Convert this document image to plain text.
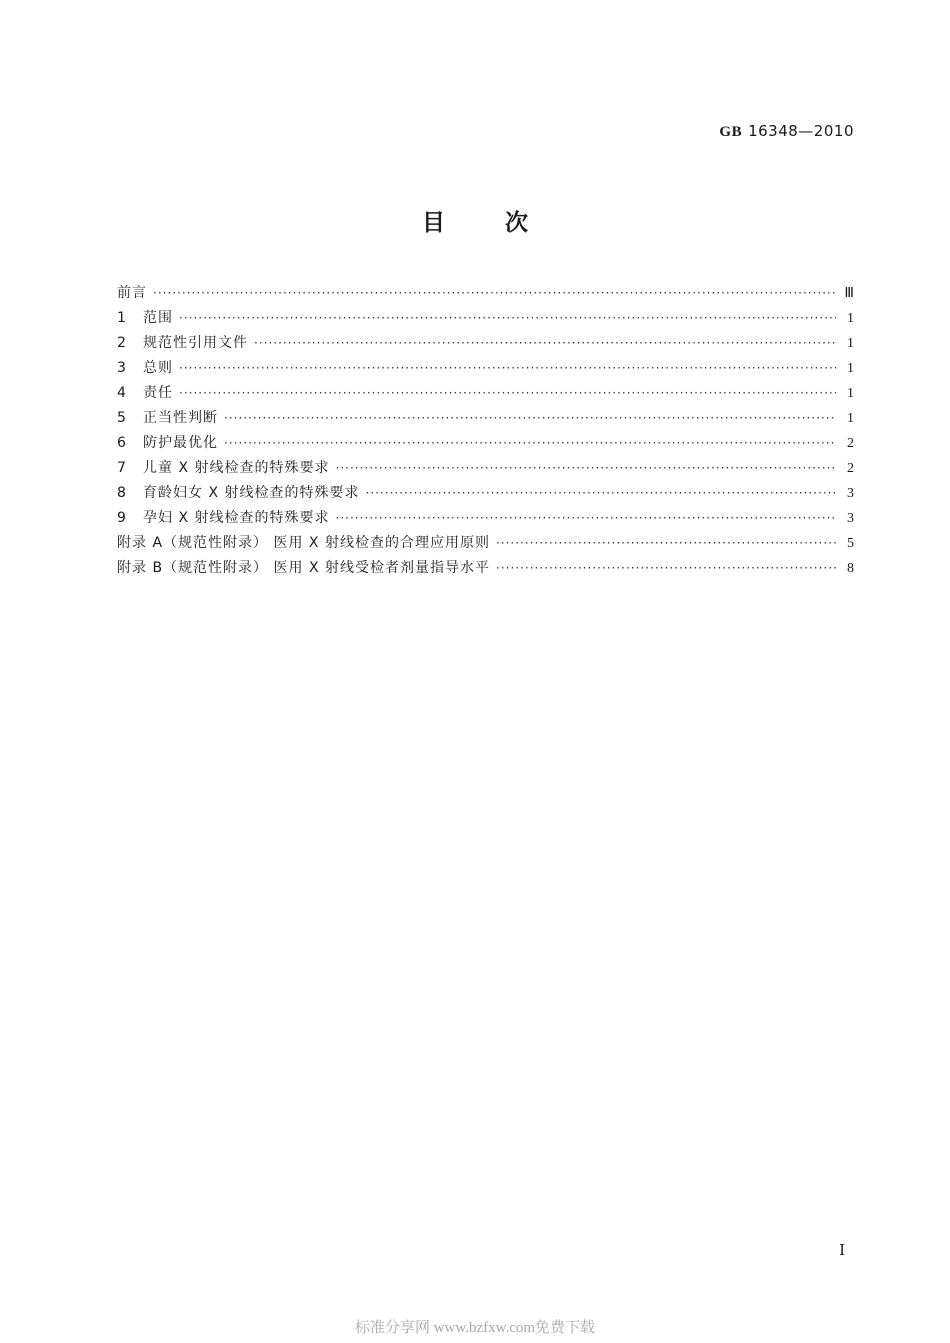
GB 16348—2010
目	次
前言 ·····	Ⅲ
1	范围 ·····	1
2	规范性引用文件 ·····	1
3	总则 ·····	1
4	责任 ·····	1
5	正当性判断 ·····	1
6	防护最优化 ·····	2
7	儿童 X 射线检查的特殊要求 ·····	2
8	育龄妇女 X 射线检查的特殊要求 ·····	3
9	孕妇 X 射线检查的特殊要求 ·····	3
附录 A（规范性附录） 医用 X 射线检查的合理应用原则 ·····	5
附录 B（规范性附录） 医用 X 射线受检者剂量指导水平 ·····	8
Ⅰ
标准分享网 www.bzfxw.com免费下载
